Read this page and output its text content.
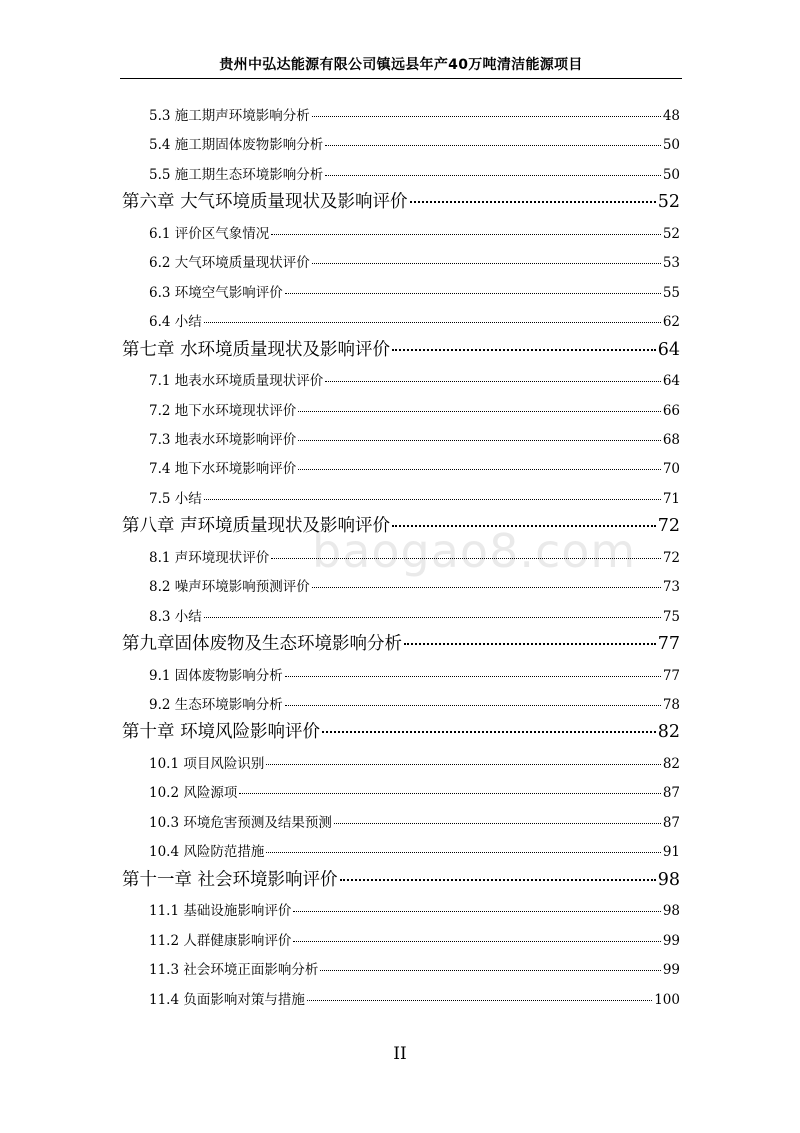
贵州中弘达能源有限公司镇远县年产40万吨清洁能源项目
5.3 施工期声环境影响分析	48
5.4 施工期固体废物影响分析	50
5.5 施工期生态环境影响分析	50
第六章 大气环境质量现状及影响评价	52
6.1 评价区气象情况	52
6.2 大气环境质量现状评价	53
6.3 环境空气影响评价	55
6.4 小结	62
第七章 水环境质量现状及影响评价	64
7.1 地表水环境质量现状评价	64
7.2 地下水环境现状评价	66
7.3 地表水环境影响评价	68
7.4 地下水环境影响评价	70
7.5 小结	71
第八章 声环境质量现状及影响评价	72
8.1 声环境现状评价	72
8.2 噪声环境影响预测评价	73
8.3 小结	75
第九章固体废物及生态环境影响分析	77
9.1 固体废物影响分析	77
9.2 生态环境影响分析	78
第十章 环境风险影响评价	82
10.1 项目风险识别	82
10.2 风险源项	87
10.3 环境危害预测及结果预测	87
10.4 风险防范措施	91
第十一章 社会环境影响评价	98
11.1 基础设施影响评价	98
11.2 人群健康影响评价	99
11.3 社会环境正面影响分析	99
11.4 负面影响对策与措施	100
baogao8.com
II
